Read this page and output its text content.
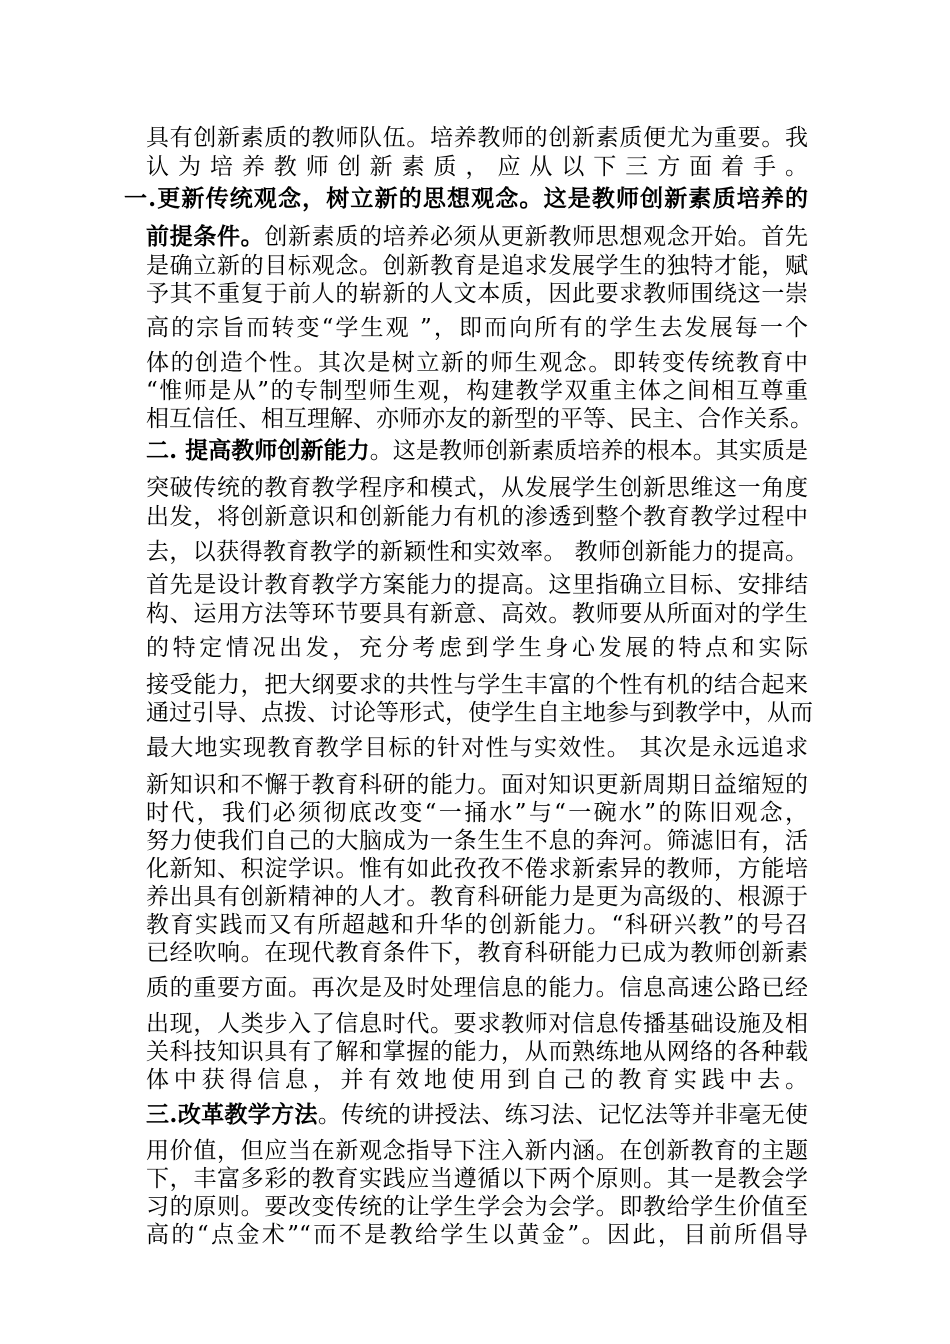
具有创新素质的教师队伍。培养教师的创新素质便尤为重要。我
认为培养教师创新素质，应从以下三方面着手。
一.更新传统观念，树立新的思想观念。这是教师创新素质培养的
前提条件。创新素质的培养必须从更新教师思想观念开始。首先
是确立新的目标观念。创新教育是追求发展学生的独特才能，赋
予其不重复于前人的崭新的人文本质，因此要求教师围绕这一崇
高的宗旨而转变“学生观 ”，即而向所有的学生去发展每一个
体的创造个性。其次是树立新的师生观念。即转变传统教育中
“惟师是从”的专制型师生观，构建教学双重主体之间相互尊重
相互信任、相互理解、亦师亦友的新型的平等、民主、合作关系。
二. 提高教师创新能力。这是教师创新素质培养的根本。其实质是
突破传统的教育教学程序和模式，从发展学生创新思维这一角度
出发，将创新意识和创新能力有机的渗透到整个教育教学过程中
去，以获得教育教学的新颖性和实效率。 教师创新能力的提高。
首先是设计教育教学方案能力的提高。这里指确立目标、安排结
构、运用方法等环节要具有新意、高效。教师要从所面对的学生
的特定情况出发，充分考虑到学生身心发展的特点和实际
接受能力，把大纲要求的共性与学生丰富的个性有机的结合起来
通过引导、点拨、讨论等形式，使学生自主地参与到教学中，从而
最大地实现教育教学目标的针对性与实效性。 其次是永远追求
新知识和不懈于教育科研的能力。面对知识更新周期日益缩短的
时代，我们必须彻底改变“一捅水”与“一碗水”的陈旧观念，
努力使我们自己的大脑成为一条生生不息的奔河。筛滤旧有，活
化新知、积淀学识。惟有如此孜孜不倦求新索异的教师，方能培
养出具有创新精神的人才。教育科研能力是更为高级的、根源于
教育实践而又有所超越和升华的创新能力。“科研兴教”的号召
已经吹响。在现代教育条件下，教育科研能力已成为教师创新素
质的重要方面。再次是及时处理信息的能力。信息高速公路已经
出现，人类步入了信息时代。要求教师对信息传播基础设施及相
关科技知识具有了解和掌握的能力，从而熟练地从网络的各种载
体中获得信息，并有效地使用到自己的教育实践中去。
三.改革教学方法。传统的讲授法、练习法、记忆法等并非毫无使
用价值，但应当在新观念指导下注入新内涵。在创新教育的主题
下，丰富多彩的教育实践应当遵循以下两个原则。其一是教会学
习的原则。要改变传统的让学生学会为会学。即教给学生价值至
高的“点金术”“而不是教给学生以黄金”。因此，目前所倡导
